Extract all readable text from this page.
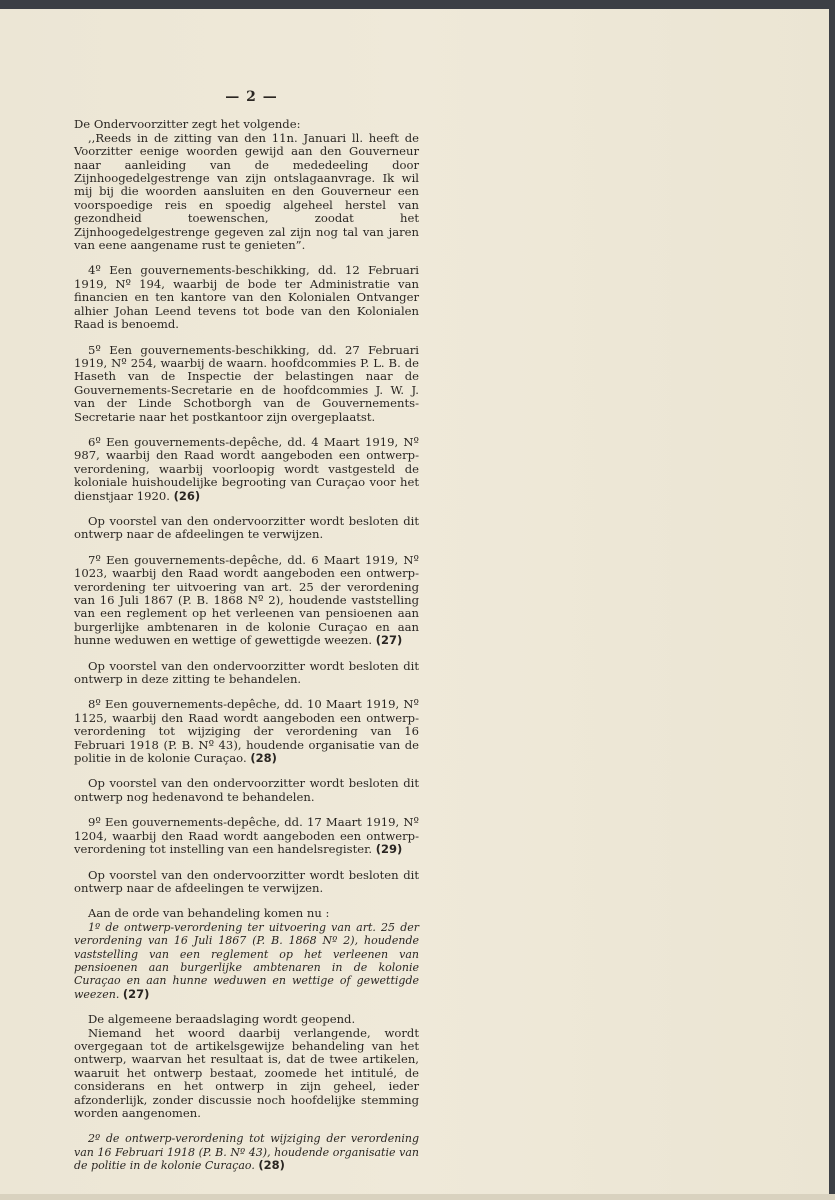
— 2 —

De Ondervoorzitter zegt het volgende:

,,Reeds in de zitting van den 11n. Januari ll. heeft de Voorzitter eenige woorden gewijd aan den Gouverneur naar aanleiding van de mededeeling door Zijnhoogedelgestrenge van zijn ontslagaanvrage. Ik wil mij bij die woorden aansluiten en den Gouverneur een voorspoedige reis en spoedig algeheel herstel van gezondheid toewenschen, zoodat het Zijnhoogedelgestrenge gegeven zal zijn nog tal van jaren van eene aangename rust te genieten”.

4º Een gouvernements-beschikking, dd. 12 Februari 1919, Nº 194, waarbij de bode ter Administratie van financien en ten kantore van den Kolonialen Ontvanger alhier Johan Leend tevens tot bode van den Kolonialen Raad is benoemd.

5º Een gouvernements-beschikking, dd. 27 Februari 1919, Nº 254, waarbij de waarn. hoofdcommies P. L. B. de Haseth van de Inspectie der belastingen naar de Gouvernements-Secretarie en de hoofdcommies J. W. J. van der Linde Schotborgh van de Gouvernements-Secretarie naar het postkantoor zijn overgeplaatst.

6º Een gouvernements-depêche, dd. 4 Maart 1919, Nº 987, waarbij den Raad wordt aangeboden een ontwerp-verordening, waarbij voorloopig wordt vastgesteld de koloniale huishoudelijke begrooting van Curaçao voor het dienstjaar 1920. (26)

Op voorstel van den ondervoorzitter wordt besloten dit ontwerp naar de afdeelingen te verwijzen.

7º Een gouvernements-depêche, dd. 6 Maart 1919, Nº 1023, waarbij den Raad wordt aangeboden een ontwerp-verordening ter uitvoering van art. 25 der verordening van 16 Juli 1867 (P. B. 1868 Nº 2), houdende vaststelling van een reglement op het verleenen van pensioenen aan burgerlijke ambtenaren in de kolonie Curaçao en aan hunne weduwen en wettige of gewettigde weezen. (27)

Op voorstel van den ondervoorzitter wordt besloten dit ontwerp in deze zitting te behandelen.

8º Een gouvernements-depêche, dd. 10 Maart 1919, Nº 1125, waarbij den Raad wordt aangeboden een ontwerp-verordening tot wijziging der verordening van 16 Februari 1918 (P. B. Nº 43), houdende organisatie van de politie in de kolonie Curaçao. (28)

Op voorstel van den ondervoorzitter wordt besloten dit ontwerp nog hedenavond te behandelen.

9º Een gouvernements-depêche, dd. 17 Maart 1919, Nº 1204, waarbij den Raad wordt aangeboden een ontwerp-verordening tot instelling van een handelsregister. (29)

Op voorstel van den ondervoorzitter wordt besloten dit ontwerp naar de afdeelingen te verwijzen.

Aan de orde van behandeling komen nu :

1º de ontwerp-verordening ter uitvoering van art. 25 der verordening van 16 Juli 1867 (P. B. 1868 Nº 2), houdende vaststelling van een reglement op het verleenen van pensioenen aan burgerlijke ambtenaren in de kolonie Curaçao en aan hunne weduwen en wettige of gewettigde weezen. (27)

De algemeene beraadslaging wordt geopend.

Niemand het woord daarbij verlangende, wordt overgegaan tot de artikelsgewijze behandeling van het ontwerp, waarvan het resultaat is, dat de twee artikelen, waaruit het ontwerp bestaat, zoomede het intitulé, de considerans en het ontwerp in zijn geheel, ieder afzonderlijk, zonder discussie noch hoofdelijke stemming worden aangenomen.

2º de ontwerp-verordening tot wijziging der verordening van 16 Februari 1918 (P. B. Nº 43), houdende organisatie van de politie in de kolonie Curaçao. (28)
